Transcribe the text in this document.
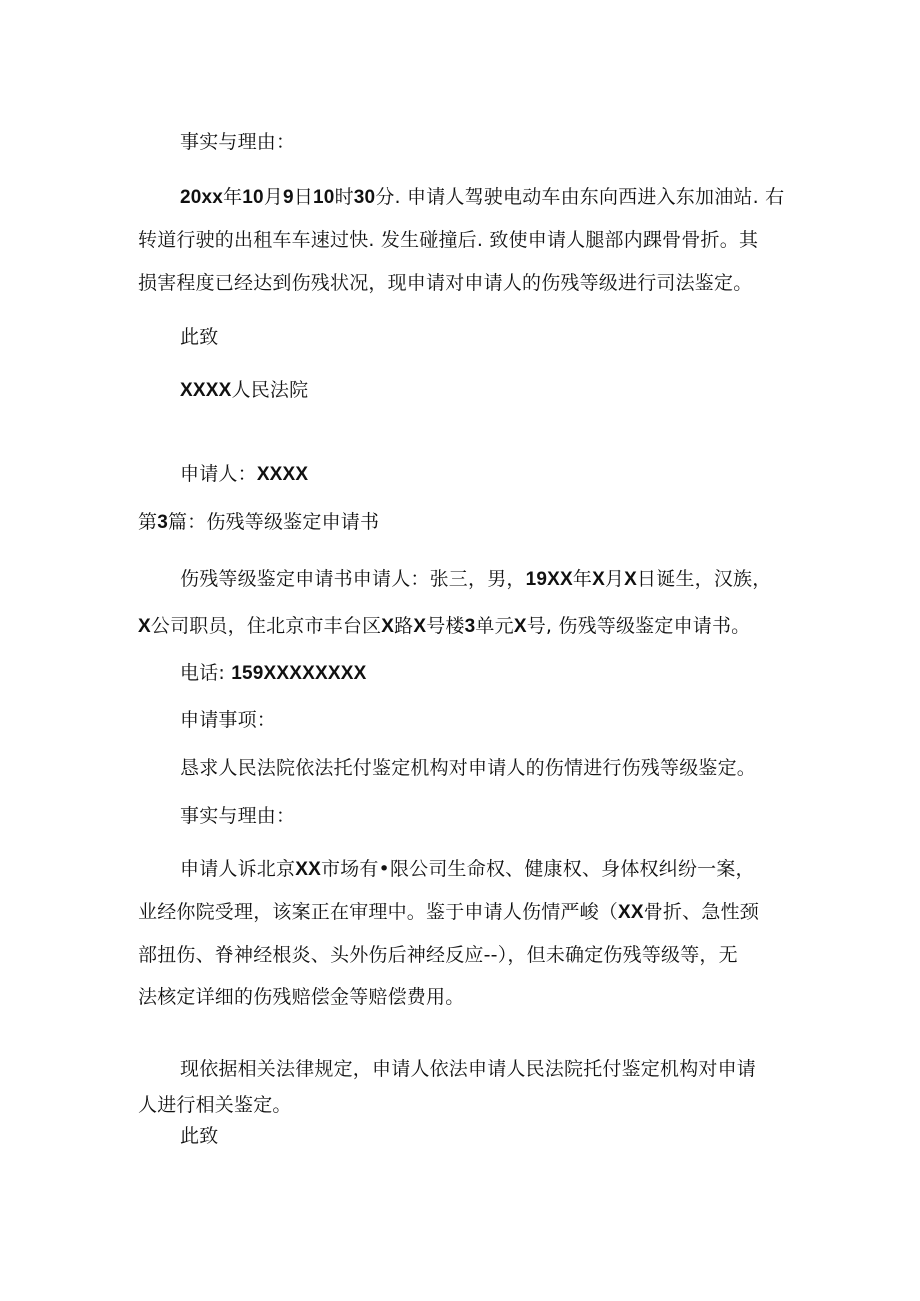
事实与理由：
20xx年10月9日10时30分. 申请人驾驶电动车由东向西进入东加油站. 右
转道行驶的出租车车速过快. 发生碰撞后. 致使申请人腿部内踝骨骨折。其
损害程度已经达到伤残状况，现申请对申请人的伤残等级进行司法鉴定。
此致
XXXX人民法院
申请人：XXXX
第3篇：伤残等级鉴定申请书
伤残等级鉴定申请书申请人：张三，男，19XX年X月X日诞生，汉族，
X公司职员，住北京市丰台区X路X号楼3单元X号, 伤残等级鉴定申请书。
电话: 159XXXXXXXX
申请事项：
恳求人民法院依法托付鉴定机构对申请人的伤情进行伤残等级鉴定。
事实与理由：
申请人诉北京XX市场有•限公司生命权、健康权、身体权纠纷一案，
业经你院受理，该案正在审理中。鉴于申请人伤情严峻（XX骨折、急性颈
部扭伤、脊神经根炎、头外伤后神经反应--），但未确定伤残等级等，无
法核定详细的伤残赔偿金等赔偿费用。
现依据相关法律规定，申请人依法申请人民法院托付鉴定机构对申请
人进行相关鉴定。
此致
